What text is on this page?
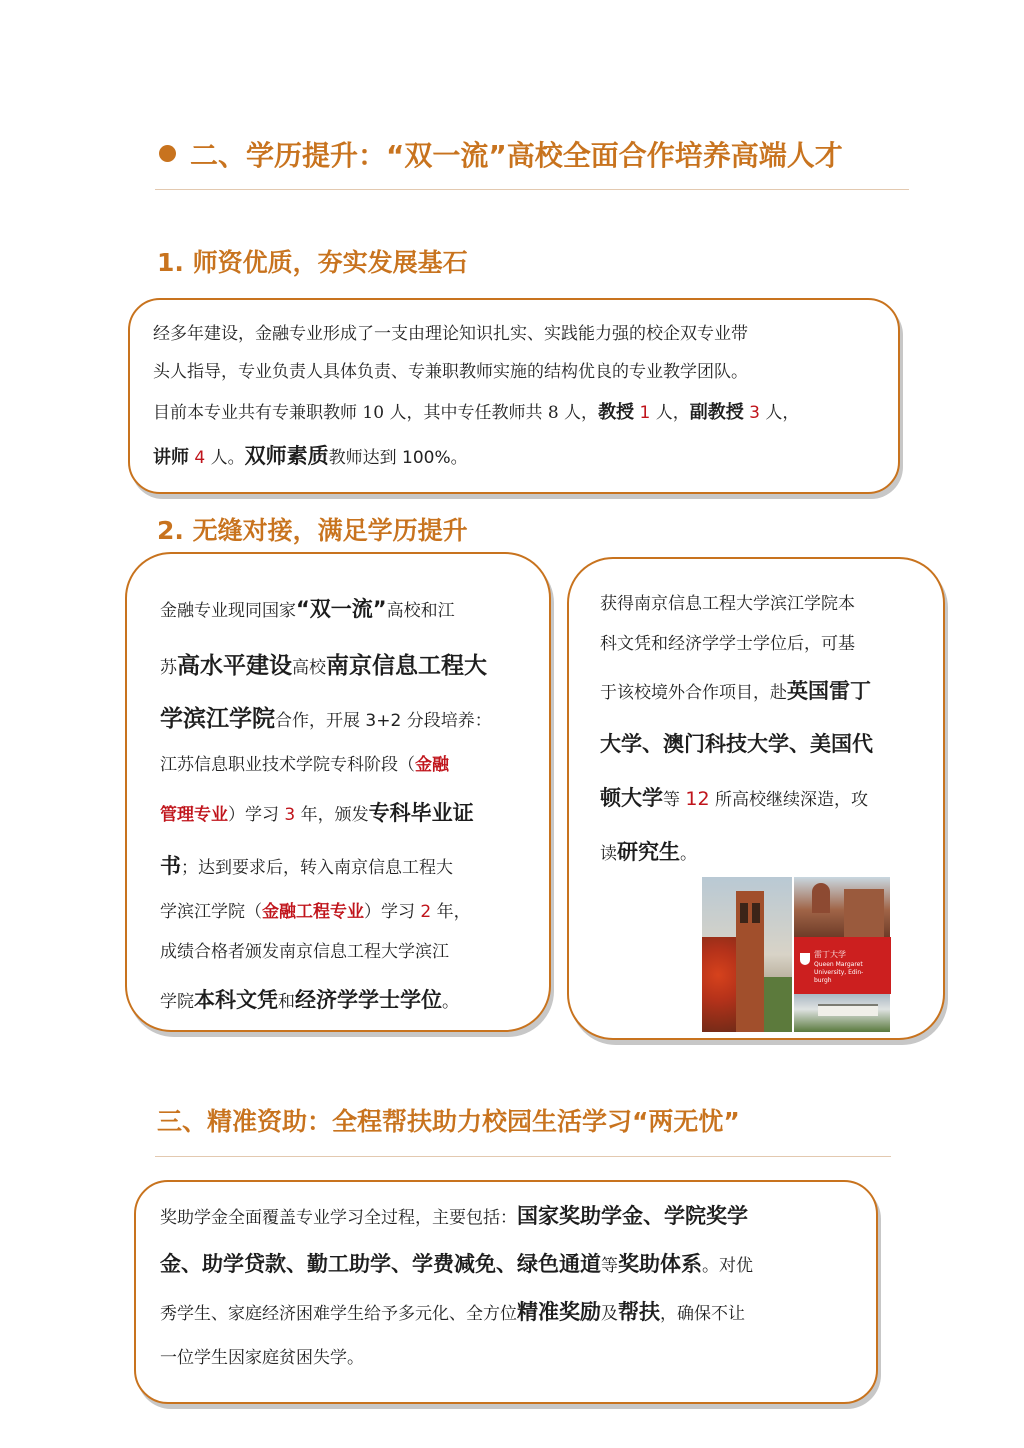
二、学历提升：“双一流”高校全面合作培养高端人才
1. 师资优质，夯实发展基石
经多年建设，金融专业形成了一支由理论知识扎实、实践能力强的校企双专业带
头人指导，专业负责人具体负责、专兼职教师实施的结构优良的专业教学团队。
目前本专业共有专兼职教师 10 人，其中专任教师共 8 人，教授 1 人，副教授 3 人，
讲师 4 人。双师素质教师达到 100%。
2. 无缝对接，满足学历提升
金融专业现同国家“双一流”高校和江
苏高水平建设高校南京信息工程大
学滨江学院合作，开展 3+2 分段培养：
江苏信息职业技术学院专科阶段（金融
管理专业）学习 3 年，颁发专科毕业证
书；达到要求后，转入南京信息工程大
学滨江学院（金融工程专业）学习 2 年，
成绩合格者颁发南京信息工程大学滨江
学院本科文凭和经济学学士学位。
获得南京信息工程大学滨江学院本
科文凭和经济学学士学位后，可基
于该校境外合作项目，赴英国雷丁
大学、澳门科技大学、美国代
顿大学等 12 所高校继续深造，攻
读研究生。
雷丁大学
Queen Margaret
University, Edin-
burgh
三、精准资助：全程帮扶助力校园生活学习“两无忧”
奖助学金全面覆盖专业学习全过程，主要包括：国家奖助学金、学院奖学
金、助学贷款、勤工助学、学费减免、绿色通道等奖助体系。对优
秀学生、家庭经济困难学生给予多元化、全方位精准奖励及帮扶，确保不让
一位学生因家庭贫困失学。
